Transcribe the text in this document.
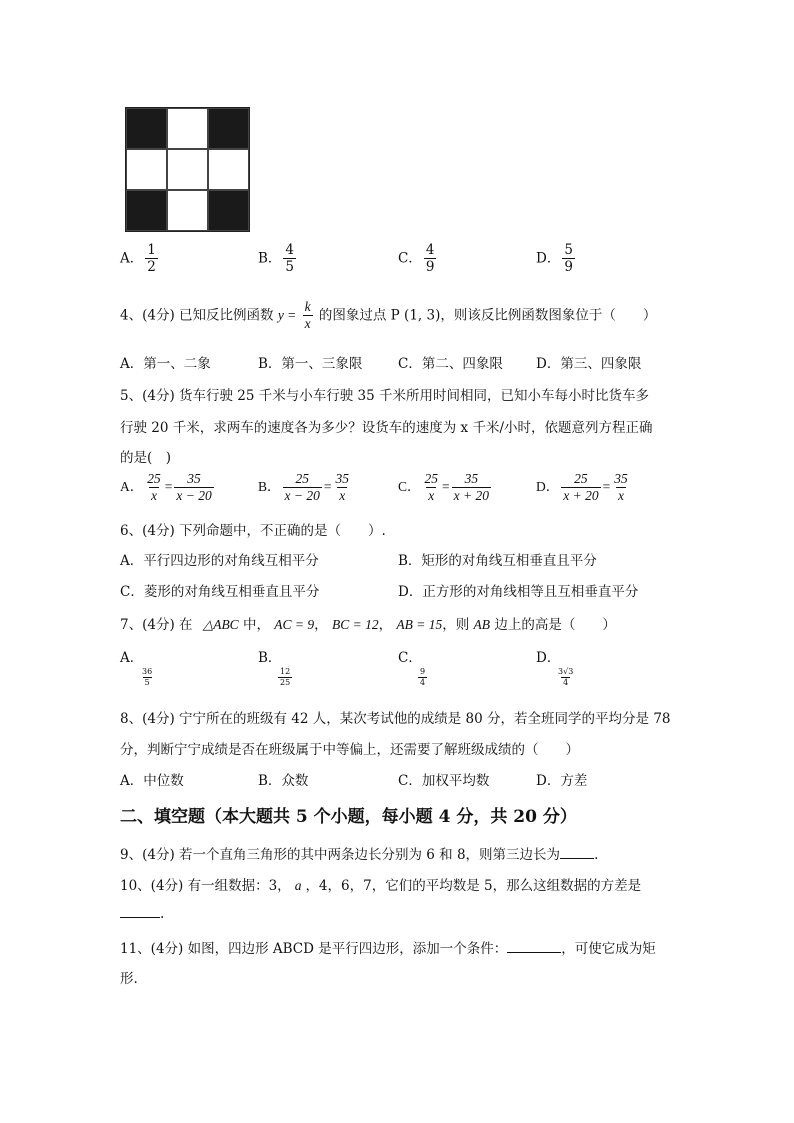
A． $\frac{1}{2}$	B． $\frac{4}{5}$	C． $\frac{4}{9}$	D． $\frac{5}{9}$
4、(4分) 已知反比例函数 $y = \frac{k}{x}$ 的图象过点 P (1, 3)，则该反比例函数图象位于（　　）
A．第一、二象	B．第一、三象限	C．第二、四象限 D．第三、四象限
5、(4分) 货车行驶 25 千米与小车行驶 35 千米所用时间相同，已知小车每小时比货车多
行驶 20 千米，求两车的速度各为多少？设货车的速度为 x 千米/小时，依题意列方程正确
的是(　)
A． $\frac{25}{x} = \frac{35}{x - 20}$	B． $\frac{25}{x - 20} = \frac{35}{x}$	C． $\frac{25}{x} = \frac{35}{x + 20}$	D． $\frac{25}{x + 20} = \frac{35}{x}$
6、(4分) 下列命题中，不正确的是（　　）.
A．平行四边形的对角线互相平分	B．矩形的对角线互相垂直且平分
C．菱形的对角线互相垂直且平分	D．正方形的对角线相等且互相垂直平分
7、(4分) 在 △ABC 中， AC = 9， BC = 12， AB = 15，则 AB 边上的高是（　　）
A．
$\frac{36}{5}$
B．
$\frac{12}{25}$
C．
$\frac{9}{4}$
D．
$\frac{3√3}{4}$
8、(4分) 宁宁所在的班级有 42 人，某次考试他的成绩是 80 分，若全班同学的平均分是 78
分，判断宁宁成绩是否在班级属于中等偏上，还需要了解班级成绩的（　　）
A．中位数	B．众数	C．加权平均数	D．方差
二、填空题（本大题共 5 个小题，每小题 4 分，共 20 分）
9、(4分) 若一个直角三角形的其中两条边长分别为 6 和 8，则第三边长为	.
10、(4分) 有一组数据：3， a ，4，6，7，它们的平均数是 5，那么这组数据的方差是
.
11、(4分) 如图，四边形 ABCD 是平行四边形，添加一个条件：	，可使它成为矩
形.
